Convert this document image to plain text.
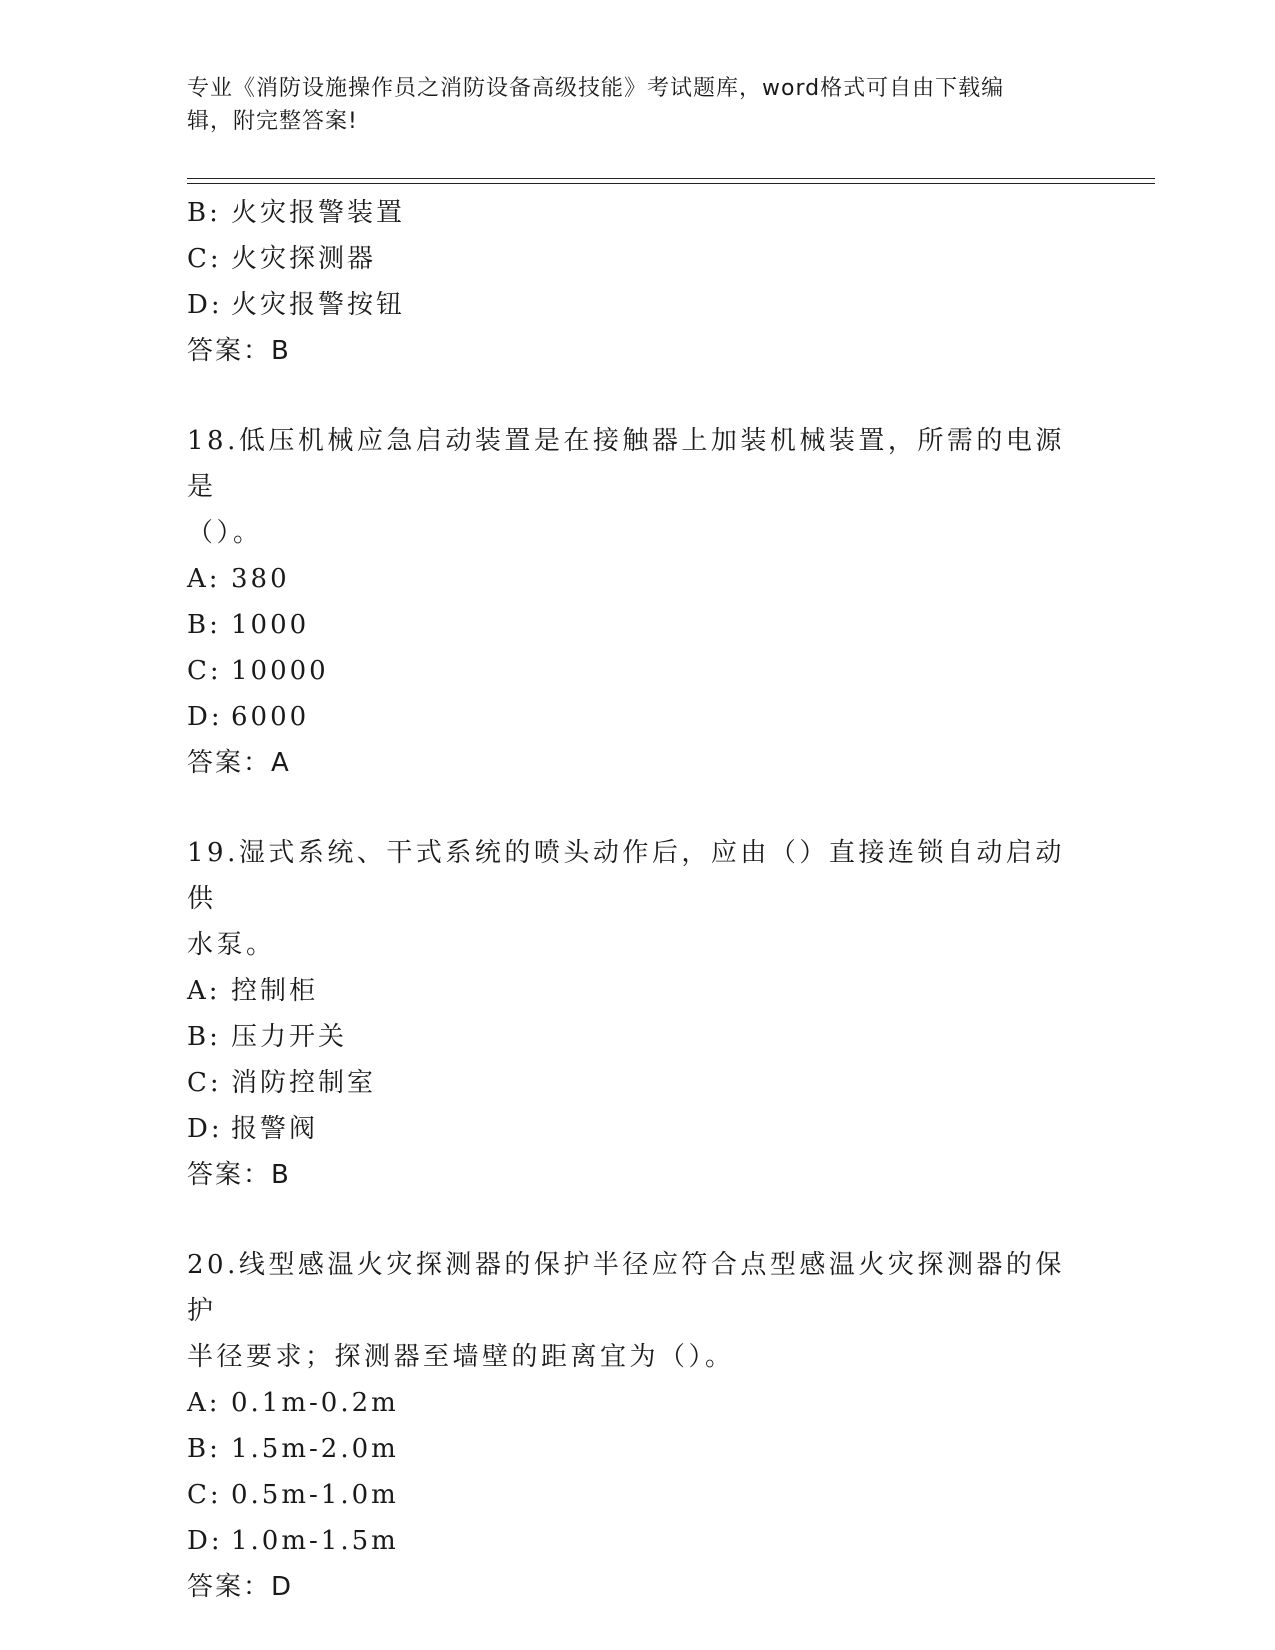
专业《消防设施操作员之消防设备高级技能》考试题库，word格式可自由下载编
辑，附完整答案!
B: 火灾报警装置
C: 火灾探测器
D: 火灾报警按钮
答案：B
18.低压机械应急启动装置是在接触器上加装机械装置，所需的电源是
（）。
A: 380
B: 1000
C: 10000
D: 6000
答案：A
19.湿式系统、干式系统的喷头动作后，应由（）直接连锁自动启动供
水泵。
A: 控制柜
B: 压力开关
C: 消防控制室
D: 报警阀
答案：B
20.线型感温火灾探测器的保护半径应符合点型感温火灾探测器的保护
半径要求；探测器至墙壁的距离宜为（）。
A: 0.1m-0.2m
B: 1.5m-2.0m
C: 0.5m-1.0m
D: 1.0m-1.5m
答案：D
